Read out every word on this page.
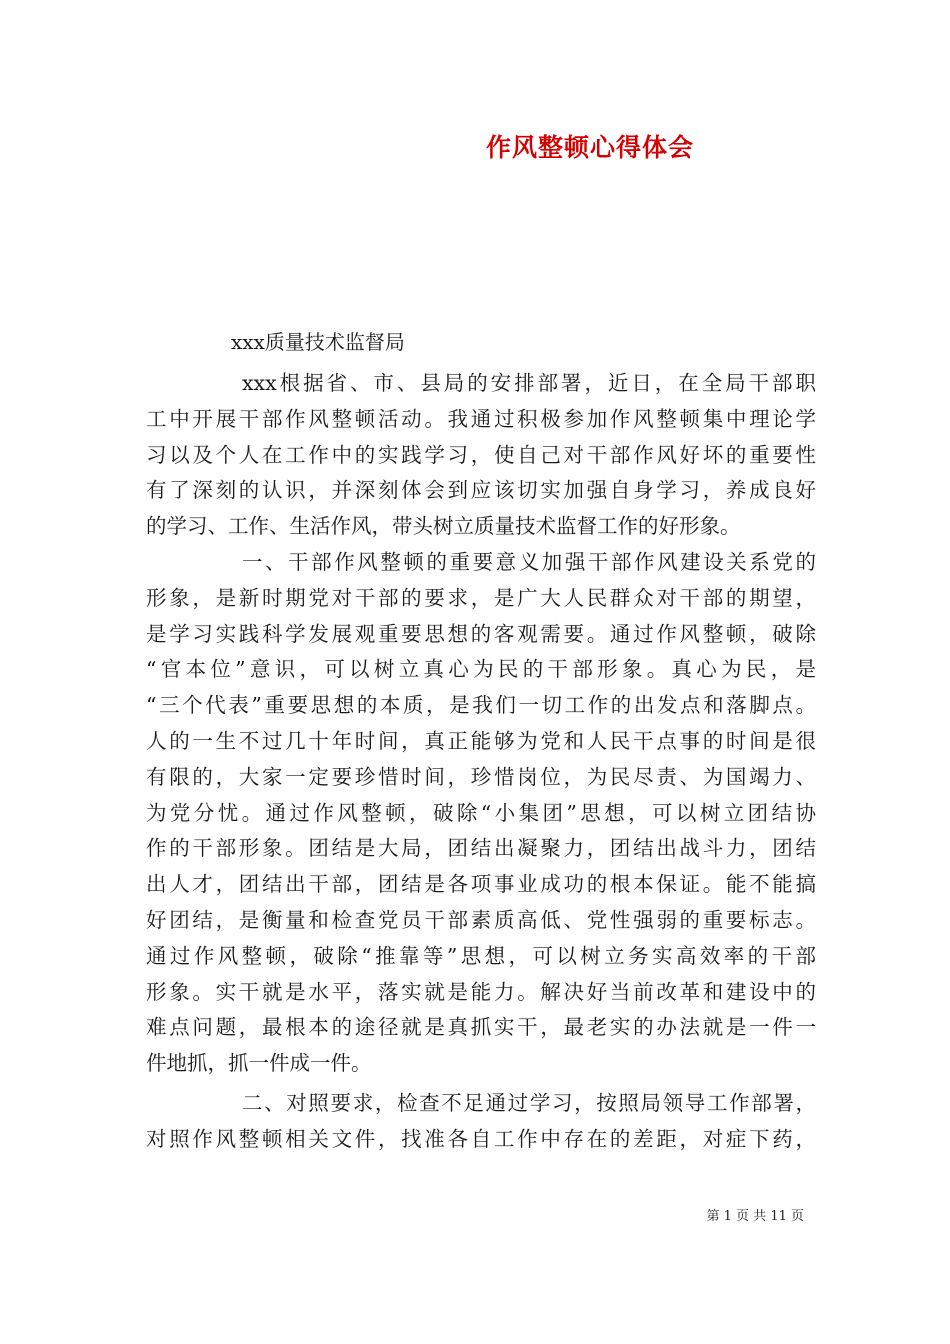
作风整顿心得体会
xxx质量技术监督局
xxx根据省、市、县局的安排部署，近日，在全局干部职
工中开展干部作风整顿活动。我通过积极参加作风整顿集中理论学
习以及个人在工作中的实践学习，使自己对干部作风好坏的重要性
有了深刻的认识，并深刻体会到应该切实加强自身学习，养成良好
的学习、工作、生活作风，带头树立质量技术监督工作的好形象。
一、干部作风整顿的重要意义加强干部作风建设关系党的
形象，是新时期党对干部的要求，是广大人民群众对干部的期望，
是学习实践科学发展观重要思想的客观需要。通过作风整顿，破除
“官本位”意识，可以树立真心为民的干部形象。真心为民，是
“三个代表”重要思想的本质，是我们一切工作的出发点和落脚点。
人的一生不过几十年时间，真正能够为党和人民干点事的时间是很
有限的，大家一定要珍惜时间，珍惜岗位，为民尽责、为国竭力、
为党分忧。通过作风整顿，破除“小集团”思想，可以树立团结协
作的干部形象。团结是大局，团结出凝聚力，团结出战斗力，团结
出人才，团结出干部，团结是各项事业成功的根本保证。能不能搞
好团结，是衡量和检查党员干部素质高低、党性强弱的重要标志。
通过作风整顿，破除“推靠等”思想，可以树立务实高效率的干部
形象。实干就是水平，落实就是能力。解决好当前改革和建设中的
难点问题，最根本的途径就是真抓实干，最老实的办法就是一件一
件地抓，抓一件成一件。
二、对照要求，检查不足通过学习，按照局领导工作部署，
对照作风整顿相关文件，找准各自工作中存在的差距，对症下药，
第 1 页 共 11 页
